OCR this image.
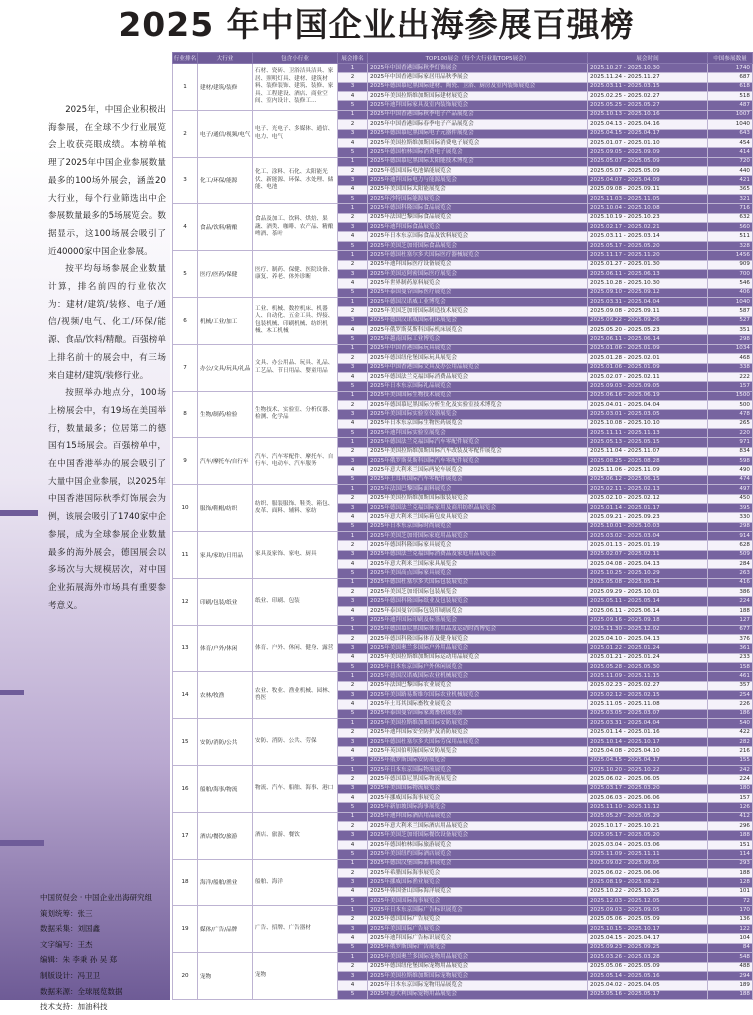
2025 年中国企业出海参展百强榜

2025年，中国企业积极出海参展，在全球不少行业展览会上收获亮眼成绩。本榜单梳理了2025年中国企业参展数量最多的100场外展会，涵盖20大行业，每个行业筛选出中企参展数量最多的5场展览会。数据显示，这100场展会吸引了近40000家中国企业参展。

按平均每场参展企业数量计算，排名前四的行业依次为：建材/建筑/装修、电子/通信/视频/电气、化工/环保/能源、食品/饮料/精酿。百强榜单上排名前十的展会中，有三场来自建材/建筑/装修行业。

按照举办地点分，100场上榜展会中，有19场在美国举行，数量最多；位居第二的德国有15场展会。百强榜单中，在中国香港举办的展会吸引了大量中国企业参展，以2025年中国香港国际秋季灯饰展会为例，该展会吸引了1740家中企参展，成为全球参展企业数量最多的海外展会，德国展会以多场次与大规模居次，对中国企业拓展海外市场具有重要参考意义。

中国贸促会 · 中国企业出海研究组
策划统筹：张三
数据采集：刘国鑫
文字编写：王杰
编辑：朱 李秉 孙 吴 郑
制版设计：冯卫卫
数据来源：全球展览数据
技术支持：加油科技
行业排名	大行业	包含小行业	展会排名	TOP100展会（每个大行业取TOP5展会）	展会时间	中国参展数量
1	建材/建筑/装修	石材、瓷砖、卫浴洁具洁具、家居、照明灯具、建材、建筑材料、装修装饰、建筑、装修、家具、工程建设、酒店、商业空间、室内设计、装修工…	1	2025年中国香港国际秋季灯饰展会	2025.10.27 - 2025.10.30	1740
			2	2025年中国香港国际家居用品秋季展会	2025.11.24 - 2025.11.27	687
			3	2025年德国慕尼黑国际建材、陶瓷、卫浴、厨房及室内装饰展览会	2025.03.11 - 2025.03.15	618
			4	2025年美国拉斯维加斯国际建材展览会	2025.02.25 - 2025.02.27	518
			5	2025年迪拜国际家具及室内装饰展览会	2025.05.25 - 2025.05.27	487
2	电子/通信/视频/电气	电子、光电子、多媒体、通信、电力、电气	1	2025年中国香港国际秋季电子产品展览会	2025.10.13 - 2025.10.16	1007
			2	2025年中国香港国际春季电子产品展览会	2025.04.13 - 2025.04.16	1040
			3	2025年德国慕尼黑国际电子元器件展览会	2025.04.15 - 2025.04.17	643
			4	2025年美国拉斯维加斯国际消费电子展览会	2025.01.07 - 2025.01.10	454
			5	2025年德国柏林国际消费电子展览会	2025.09.05 - 2025.09.09	414
3	化工/环保/能源	化工、涂料、石化、太阳能光伏、新能源、环保、水处理、储能、电池	1	2025年德国慕尼黑国际太阳能技术博览会	2025.05.07 - 2025.05.09	720
			2	2025年德国国际电池储能展览会	2025.05.07 - 2025.05.09	440
			3	2025年迪拜国际电力与能源展览会	2025.04.07 - 2025.04.09	421
			4	2025年美国国际太阳能展览会	2025.09.08 - 2025.09.11	365
			5	2025年沙特国际能源展览会	2025.11.03 - 2025.11.05	321
4	食品/饮料/精酿	食品及加工、饮料、烘焙、果蔬、酒类、咖啡、农产品、精酿啤酒、茶叶	1	2025年德国科隆国际食品展览会	2025.10.04 - 2025.10.08	716
			2	2025年法国巴黎国际食品展览会	2025.10.19 - 2025.10.23	632
			3	2025年迪拜国际食品展览会	2025.02.17 - 2025.02.21	560
			4	2025年日本东京国际食品及饮料展览会	2025.03.11 - 2025.03.14	511
			5	2025年美国芝加哥国际食品展览会	2025.05.17 - 2025.05.20	328
5	医疗/医药/保健	医疗、制药、保健、医院设备、康复、养老、体外诊断	1	2025年德国杜塞尔多夫国际医疗器械展览会	2025.11.17 - 2025.11.20	1456
			2	2025年迪拜国际医疗设备展览会	2025.01.27 - 2025.01.30	909
			3	2025年美国迈阿密国际医疗展览会	2025.06.11 - 2025.06.13	700
			4	2025年世界制药原料展览会	2025.10.28 - 2025.10.30	546
			5	2025年泰国曼谷国际医疗展览会	2025.09.10 - 2025.09.12	406
6	机械/工业/加工	工业、机械、数控机床、机器人、自动化、五金工具、焊接、包装机械、印刷机械、纺织机械、木工机械	1	2025年德国汉诺威工业博览会	2025.03.31 - 2025.04.04	1040
			2	2025年美国芝加哥国际制造技术展览会	2025.09.08 - 2025.09.11	587
			3	2025年德国汉诺威国际机床展览会	2025.09.22 - 2025.09.26	527
			4	2025年俄罗斯莫斯科国际机床展览会	2025.05.20 - 2025.05.23	351
			5	2025年越南国际工业博览会	2025.06.11 - 2025.06.14	298
7	办公/文具/玩具/礼品	文具、办公用品、玩具、礼品、工艺品、节日用品、婴童用品	1	2025年中国香港国际玩具展览会	2025.01.06 - 2025.01.09	1034
			2	2025年德国纽伦堡国际玩具展览会	2025.01.28 - 2025.02.01	468
			3	2025年中国香港国际文具及办公用品展览会	2025.01.06 - 2025.01.09	338
			4	2025年德国法兰克福国际消费品展览会	2025.02.07 - 2025.02.11	222
			5	2025年日本东京国际礼品展览会	2025.09.03 - 2025.09.05	157
8	生物/制药/检验	生物技术、实验室、分析仪器、检测、化学品	1	2025年美国国际生物技术展览会	2025.06.16 - 2025.06.19	1500
			2	2025年德国慕尼黑国际分析生化及实验室技术博览会	2025.04.01 - 2025.04.04	500
			3	2025年美国国际实验室仪器展览会	2025.03.01 - 2025.03.05	478
			4	2025年日本东京国际生物医药展览会	2025.10.08 - 2025.10.10	265
			5	2025年迪拜国际实验室展览会	2025.11.11 - 2025.11.13	220
9	汽车/摩托车/自行车	汽车、汽车零配件、摩托车、自行车、电动车、汽车服务	1	2025年德国法兰克福国际汽车零配件展览会	2025.05.13 - 2025.05.15	971
			2	2025年美国拉斯维加斯国际汽车改装及零配件展览会	2025.11.04 - 2025.11.07	834
			3	2025年俄罗斯莫斯科国际汽车零配件展览会	2025.08.25 - 2025.08.28	598
			4	2025年意大利米兰国际两轮车展览会	2025.11.06 - 2025.11.09	490
			5	2025年土耳其国际汽车零配件展览会	2025.06.12 - 2025.06.15	474
10	服饰/鞋帽/纺织	纺织、服装服饰、鞋类、箱包、皮革、面料、辅料、家纺	1	2025年法国巴黎国际面料展览会	2025.02.11 - 2025.02.13	497
			2	2025年美国拉斯维加斯国际服装展览会	2025.02.10 - 2025.02.12	450
			3	2025年德国法兰克福国际家用及商用纺织品展览会	2025.01.14 - 2025.01.17	395
			4	2025年意大利米兰国际箱包皮具展览会	2025.09.21 - 2025.09.23	330
			5	2025年日本东京国际时尚展览会	2025.10.01 - 2025.10.03	298
11	家具/家纺/日用品	家具及家饰、家电、厨具	1	2025年美国芝加哥国际家庭用品展览会	2025.03.02 - 2025.03.04	914
			2	2025年德国科隆国际家具展览会	2025.01.13 - 2025.01.19	628
			3	2025年德国法兰克福国际消费品及家庭用品展览会	2025.02.07 - 2025.02.11	509
			4	2025年意大利米兰国际家具展览会	2025.04.08 - 2025.04.13	284
			5	2025年美国高点国际家具展览会	2025.10.25 - 2025.10.29	263
12	印刷/包装/纸业	纸业、印刷、包装	1	2025年德国杜塞尔多夫国际包装展览会	2025.05.08 - 2025.05.14	416
			2	2025年美国芝加哥国际包装展览会	2025.09.29 - 2025.10.01	386
			3	2025年德国科隆国际纸业及包装展览会	2025.05.11 - 2025.05.14	224
			4	2025年泰国曼谷国际包装印刷展览会	2025.06.11 - 2025.06.14	188
			5	2025年迪拜国际印刷及标签展览会	2025.09.16 - 2025.09.18	127
13	体育/户外/休闲	体育、户外、休闲、健身、露营	1	2025年德国慕尼黑国际体育用品及运动时尚博览会	2025.11.30 - 2025.12.02	677
			2	2025年德国科隆国际体育及健身展览会	2025.04.10 - 2025.04.13	376
			3	2025年美国奥兰多国际户外用品展览会	2025.01.22 - 2025.01.24	361
			4	2025年美国拉斯维加斯国际运动用品展览会	2025.01.21 - 2025.01.24	233
			5	2025年日本东京国际户外休闲展览会	2025.05.28 - 2025.05.30	158
14	农林/牧渔	农业、牧业、渔业机械、园林、兽医	1	2025年德国汉诺威国际农业机械展览会	2025.11.09 - 2025.11.15	461
			2	2025年法国巴黎国际农业展览会	2025.02.23 - 2025.02.27	357
			3	2025年美国路易斯维尔国际农业机械展览会	2025.02.12 - 2025.02.15	254
			4	2025年土耳其国际畜牧业展览会	2025.11.05 - 2025.11.08	226
			5	2025年泰国曼谷国际家禽畜牧展览会	2025.03.05 - 2025.03.07	186
15	安防/消防/公共	安防、消防、公共、劳保	1	2025年美国拉斯维加斯国际安防展览会	2025.03.31 - 2025.04.04	540
			2	2025年迪拜国际安全防护及消防展览会	2025.01.14 - 2025.01.16	422
			3	2025年德国杜塞尔多夫国际劳保用品展览会	2025.10.14 - 2025.10.17	282
			4	2025年英国伯明翰国际安防展览会	2025.04.08 - 2025.04.10	216
			5	2025年俄罗斯国际安防展览会	2025.04.15 - 2025.04.17	155
16	船舶/海事/物流	物流、汽车、船舶、海事、港口	1	2025年日本东京国际物流展览会	2025.10.20 - 2025.10.22	242
			2	2025年德国慕尼黑国际物流展览会	2025.06.02 - 2025.06.05	224
			3	2025年美国国际物流展览会	2025.03.17 - 2025.03.20	180
			4	2025年挪威国际海事展览会	2025.06.03 - 2025.06.06	157
			5	2025年新加坡国际海事展览会	2025.11.10 - 2025.11.12	126
17	酒店/餐饮/旅游	酒店、旅游、餐饮	1	2025年迪拜国际酒店用品展览会	2025.05.27 - 2025.05.29	412
			2	2025年意大利米兰国际酒店用品展览会	2025.10.17 - 2025.10.21	296
			3	2025年美国芝加哥国际餐饮设备展览会	2025.05.17 - 2025.05.20	188
			4	2025年德国柏林国际旅游展览会	2025.03.04 - 2025.03.06	151
			5	2025年美国纽约国际酒店展览会	2025.11.09 - 2025.11.11	114
18	海洋/船舶/渔业	船舶、海洋	1	2025年德国汉堡国际海事展览会	2025.09.02 - 2025.09.05	293
			2	2025年希腊国际海事展览会	2025.06.02 - 2025.06.06	188
			3	2025年挪威国际渔业展览会	2025.08.19 - 2025.08.21	128
			4	2025年韩国釜山国际海洋展览会	2025.10.22 - 2025.10.25	101
			5	2025年美国国际海事展览会	2025.12.03 - 2025.12.05	72
19	媒体/广告/品牌	广告、招牌、广告器材	1	2025年日本东京国际广告标识展览会	2025.09.03 - 2025.09.05	170
			2	2025年德国国际广告展览会	2025.05.06 - 2025.05.09	136
			3	2025年美国国际广告展览会	2025.10.15 - 2025.10.17	122
			4	2025年迪拜国际广告标识展览会	2025.04.15 - 2025.04.17	104
			5	2025年俄罗斯国际广告展览会	2025.09.23 - 2025.09.25	84
20	宠物	宠物	1	2025年美国奥兰多国际宠物用品展览会	2025.03.26 - 2025.03.28	548
			2	2025年德国纽伦堡国际宠物用品展览会	2025.05.06 - 2025.05.09	488
			3	2025年美国拉斯维加斯国际宠物展览会	2025.05.14 - 2025.05.16	294
			4	2025年日本东京国际宠物用品展览会	2025.04.02 - 2025.04.05	189
			5	2025年意大利国际宠物用品展览会	2025.05.16 - 2025.05.17	188
